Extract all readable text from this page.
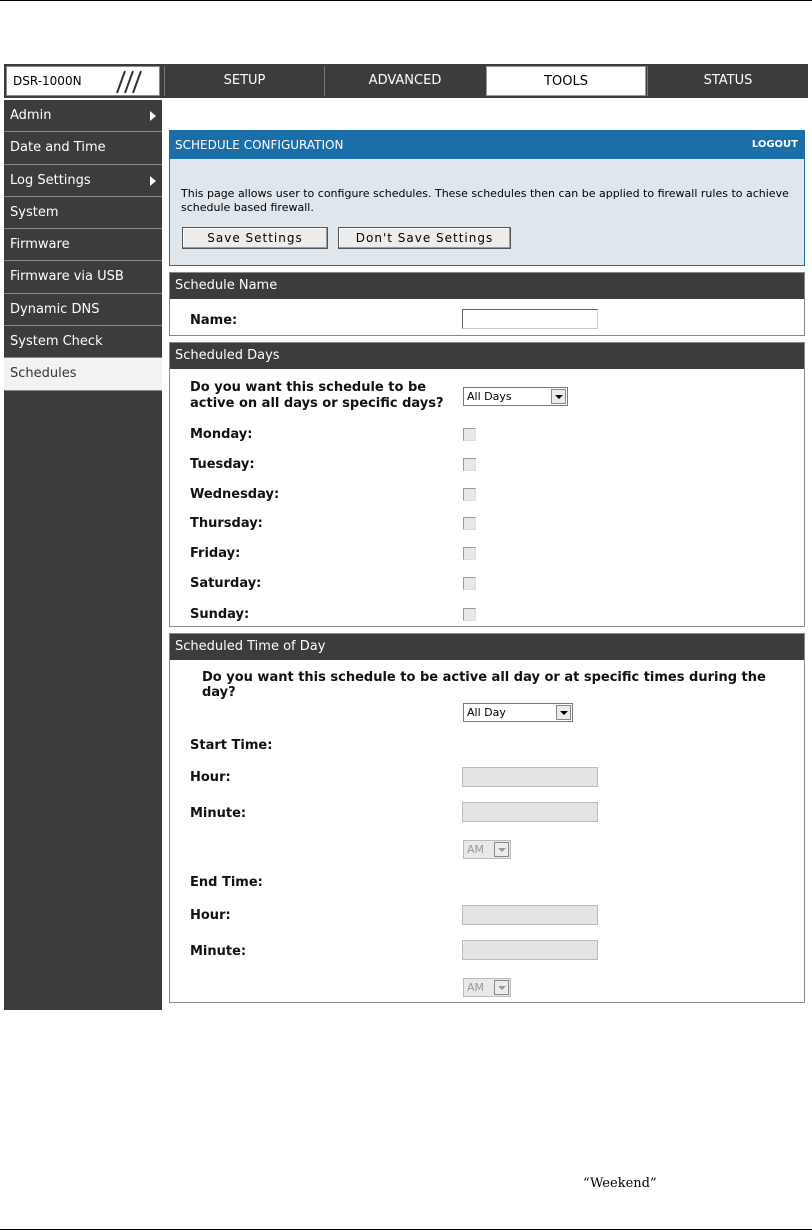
DSR-1000N	SETUP	ADVANCED	TOOLS	STATUS
Admin
Date and Time
Log Settings
System
Firmware
Firmware via USB
Dynamic DNS
System Check
Schedules
SCHEDULE CONFIGURATION	LOGOUT
This page allows user to configure schedules. These schedules then can be applied to firewall rules to achieve schedule based firewall.
Save Settings	Don't Save Settings
Schedule Name
Name:
Scheduled Days
Do you want this schedule to be
active on all days or specific days?	All Days
Monday:
Tuesday:
Wednesday:
Thursday:
Friday:
Saturday:
Sunday:
Scheduled Time of Day
Do you want this schedule to be active all day or at specific times during the day?
All Day
Start Time:
Hour:
Minute:
AM
End Time:
Hour:
Minute:
AM
“Weekend”
